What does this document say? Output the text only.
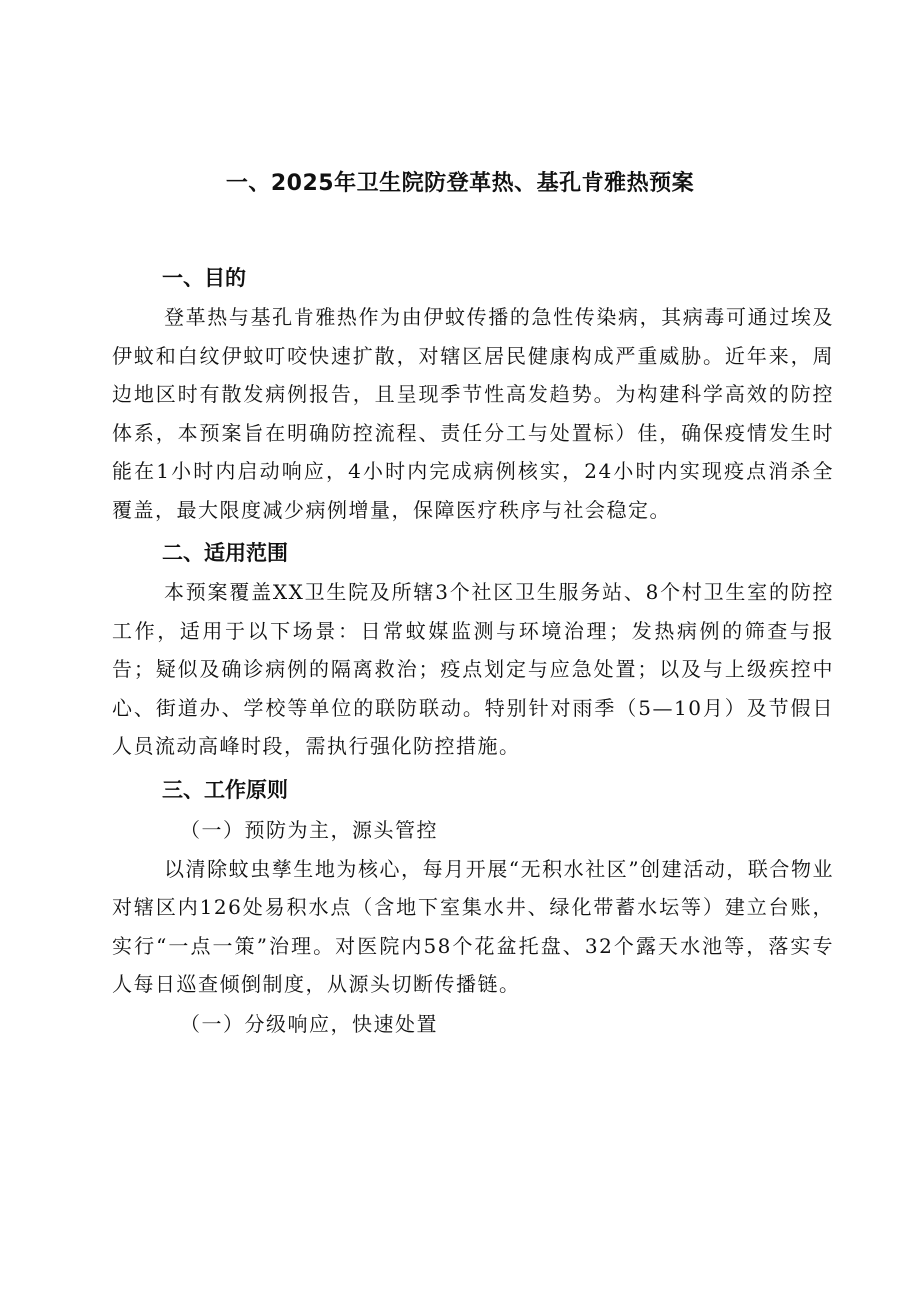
一、2025年卫生院防登革热、基孔肯雅热预案

一、目的

登革热与基孔肯雅热作为由伊蚊传播的急性传染病，其病毒可通过埃及伊蚊和白纹伊蚊叮咬快速扩散，对辖区居民健康构成严重威胁。近年来，周边地区时有散发病例报告，且呈现季节性高发趋势。为构建科学高效的防控体系，本预案旨在明确防控流程、责任分工与处置标）佳，确保疫情发生时能在1小时内启动响应，4小时内完成病例核实，24小时内实现疫点消杀全覆盖，最大限度减少病例增量，保障医疗秩序与社会稳定。

二、适用范围

本预案覆盖XX卫生院及所辖3个社区卫生服务站、8个村卫生室的防控工作，适用于以下场景：日常蚊媒监测与环境治理；发热病例的筛查与报告；疑似及确诊病例的隔离救治；疫点划定与应急处置；以及与上级疾控中心、街道办、学校等单位的联防联动。特别针对雨季（5—10月）及节假日人员流动高峰时段，需执行强化防控措施。

三、工作原则

（一）预防为主，源头管控

以清除蚊虫孳生地为核心，每月开展“无积水社区”创建活动，联合物业对辖区内126处易积水点（含地下室集水井、绿化带蓄水坛等）建立台账，实行“一点一策”治理。对医院内58个花盆托盘、32个露天水池等，落实专人每日巡查倾倒制度，从源头切断传播链。

（一）分级响应，快速处置
